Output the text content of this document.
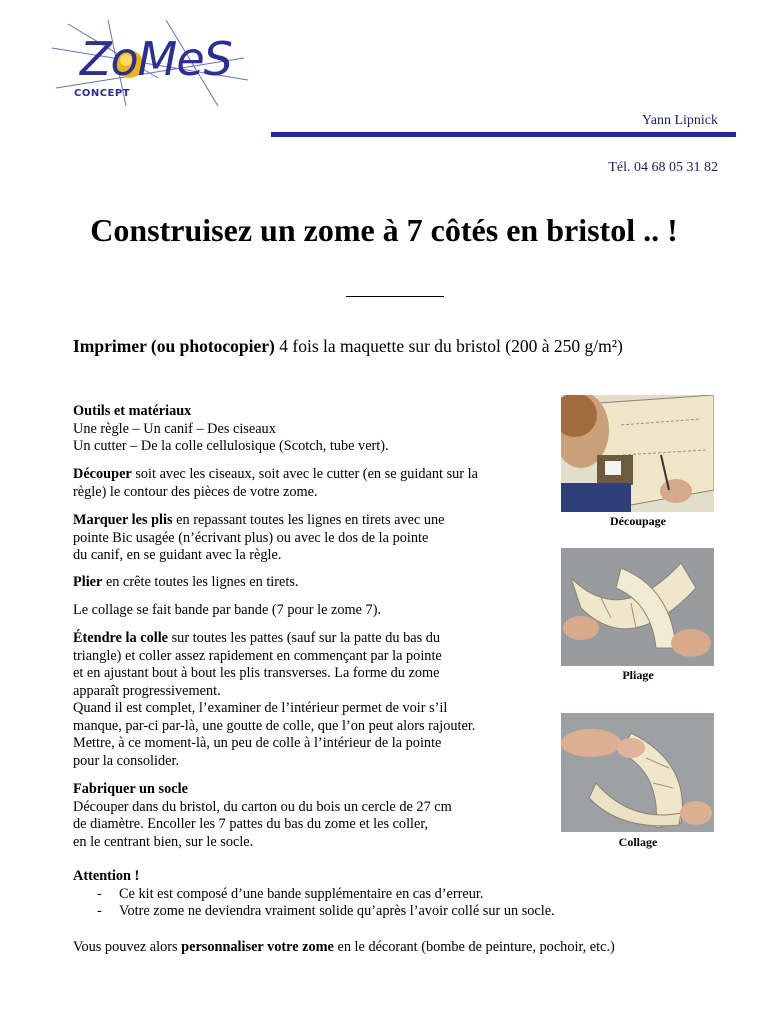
ZoMeS
CONCEPT
Yann Lipnick
Tél. 04 68 05 31 82
Construisez un zome à 7 côtés en bristol .. !
Imprimer (ou photocopier) 4 fois la maquette sur du bristol (200 à 250 g/m²)
Outils et matériaux
Une règle – Un canif – Des ciseaux
Un cutter – De la colle cellulosique (Scotch, tube vert).
Découper soit avec les ciseaux, soit avec le cutter (en se guidant sur la règle) le contour des pièces de votre zome.
Marquer les plis en repassant toutes les lignes en tirets avec une
pointe Bic usagée (n’écrivant plus) ou avec le dos de la pointe
du canif, en se guidant avec la règle.
Plier en crête toutes les lignes en tirets.
Le collage se fait bande par bande (7 pour le zome 7).
Étendre la colle sur toutes les pattes (sauf sur la patte du bas du
triangle) et coller assez rapidement en commençant par la pointe
et en ajustant bout à bout les plis transverses. La forme du zome
apparaît progressivement.
Quand il est complet, l’examiner de l’intérieur permet de voir s’il
manque, par-ci par-là, une goutte de colle, que l’on peut alors rajouter.
Mettre, à ce moment-là, un peu de colle à l’intérieur de la pointe
pour la consolider.
Fabriquer un socle
Découper dans du bristol, du carton ou du bois un cercle de 27 cm
de diamètre. Encoller les 7 pattes du bas du zome et les coller,
en le centrant bien, sur le socle.
Attention !
- Ce kit est composé d’une bande supplémentaire en cas d’erreur.
- Votre zome ne deviendra vraiment solide qu’après l’avoir collé sur un socle.
Vous pouvez alors personnaliser votre zome en le décorant (bombe de peinture, pochoir, etc.)
Découpage
Pliage
Collage
